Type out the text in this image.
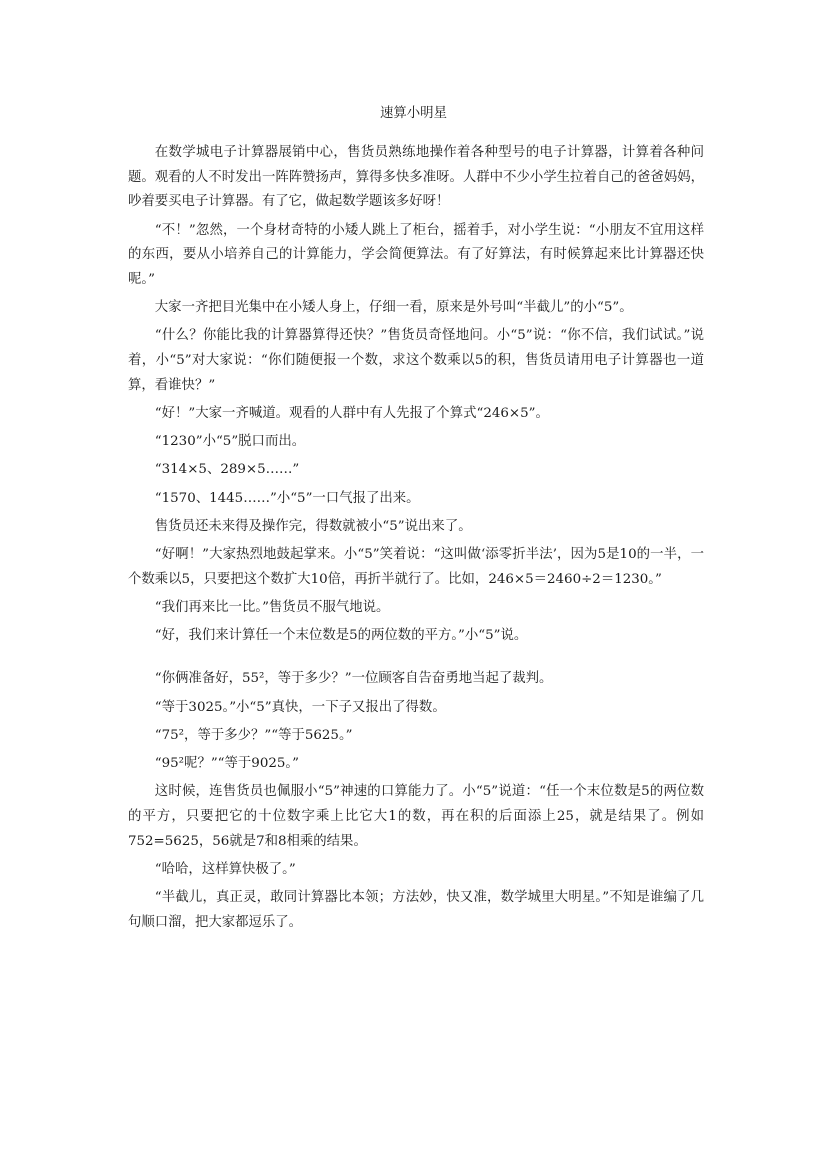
速算小明星

在数学城电子计算器展销中心，售货员熟练地操作着各种型号的电子计算器，计算着各种问题。观看的人不时发出一阵阵赞扬声，算得多快多准呀。人群中不少小学生拉着自己的爸爸妈妈，吵着要买电子计算器。有了它，做起数学题该多好呀！

“不！”忽然，一个身材奇特的小矮人跳上了柜台，摇着手，对小学生说：“小朋友不宜用这样的东西，要从小培养自己的计算能力，学会简便算法。有了好算法，有时候算起来比计算器还快呢。”

大家一齐把目光集中在小矮人身上，仔细一看，原来是外号叫“半截儿”的小“5”。

“什么？你能比我的计算器算得还快？”售货员奇怪地问。小“5”说：“你不信，我们试试。”说着，小“5”对大家说：“你们随便报一个数，求这个数乘以5的积，售货员请用电子计算器也一道算，看谁快？”

“好！”大家一齐喊道。观看的人群中有人先报了个算式“246×5”。

“1230”小“5”脱口而出。

“314×5、289×5……”

“1570、1445……”小“5”一口气报了出来。

售货员还未来得及操作完，得数就被小“5”说出来了。

“好啊！”大家热烈地鼓起掌来。小“5”笑着说：“这叫做‘添零折半法’，因为5是10的一半，一个数乘以5，只要把这个数扩大10倍，再折半就行了。比如，246×5＝2460÷2＝1230。”

“我们再来比一比。”售货员不服气地说。

“好，我们来计算任一个末位数是5的两位数的平方。”小“5”说。

“你俩准备好，55²，等于多少？”一位顾客自告奋勇地当起了裁判。

“等于3025。”小“5”真快，一下子又报出了得数。

“75²，等于多少？”“等于5625。”

“95²呢？”“等于9025。”

这时候，连售货员也佩服小“5”神速的口算能力了。小“5”说道：“任一个末位数是5的两位数的平方，只要把它的十位数字乘上比它大1的数，再在积的后面添上25，就是结果了。例如752=5625，56就是7和8相乘的结果。

“哈哈，这样算快极了。”

“半截儿，真正灵，敢同计算器比本领；方法妙，快又准，数学城里大明星。”不知是谁编了几句顺口溜，把大家都逗乐了。
